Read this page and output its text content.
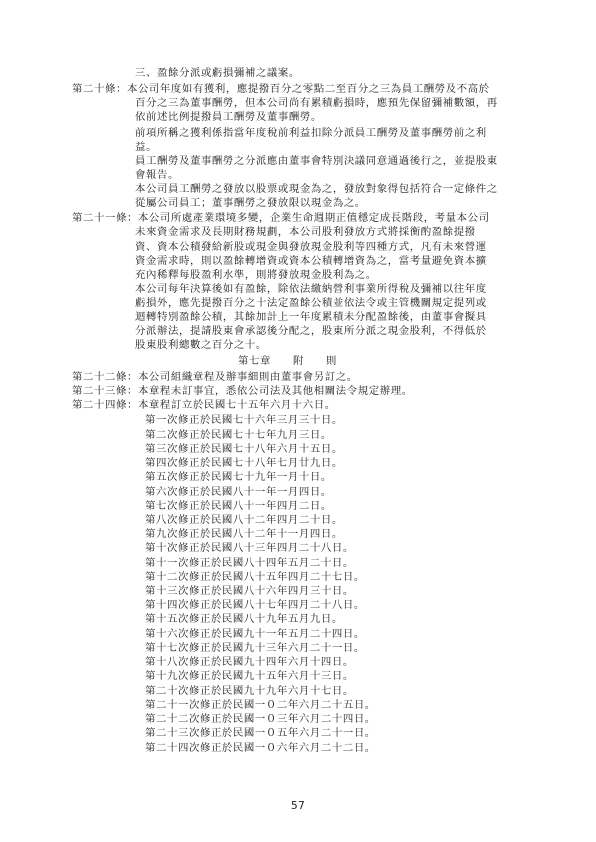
三、盈餘分派或虧損彌補之議案。
第二十條：本公司年度如有獲利，應提撥百分之零點二至百分之三為員工酬勞及不高於
百分之三為董事酬勞，但本公司尚有累積虧損時，應預先保留彌補數額，再
依前述比例提撥員工酬勞及董事酬勞。
前項所稱之獲利係指當年度稅前利益扣除分派員工酬勞及董事酬勞前之利
益。
員工酬勞及董事酬勞之分派應由董事會特別決議同意通過後行之，並提股東
會報告。
本公司員工酬勞之發放以股票或現金為之，發放對象得包括符合一定條件之
從屬公司員工；董事酬勞之發放限以現金為之。
第二十一條：本公司所處產業環境多變，企業生命週期正值穩定成長階段，考量本公司
未來資金需求及長期財務規劃，本公司股利發放方式將採衡酌盈餘提撥
資、資本公積發給新股或現金與發放現金股利等四種方式，凡有未來營運
資金需求時，則以盈餘轉增資或資本公積轉增資為之，當考量避免資本擴
充內稀釋每股盈利水準，則將發放現金股利為之。
本公司每年決算後如有盈餘，除依法繳納營利事業所得稅及彌補以往年度
虧損外，應先提撥百分之十法定盈餘公積並依法令或主管機關規定提列或
迴轉特別盈餘公積，其餘加計上一年度累積未分配盈餘後，由董事會擬具
分派辦法，提請股東會承認後分配之，股東所分派之現金股利，不得低於
股東股利總數之百分之十。
第七章　　附　　則
第二十二條：本公司組織章程及辦事細則由董事會另訂之。
第二十三條：本章程未訂事宜，悉依公司法及其他相關法令規定辦理。
第二十四條：本章程訂立於民國七十五年六月十六日。
第一次修正於民國七十六年三月三十日。
第二次修正於民國七十七年九月三日。
第三次修正於民國七十八年六月十五日。
第四次修正於民國七十八年七月廿九日。
第五次修正於民國七十九年一月十日。
第六次修正於民國八十一年一月四日。
第七次修正於民國八十一年四月二日。
第八次修正於民國八十二年四月二十日。
第九次修正於民國八十二年十一月四日。
第十次修正於民國八十三年四月二十八日。
第十一次修正於民國八十四年五月二十日。
第十二次修正於民國八十五年四月二十七日。
第十三次修正於民國八十六年四月三十日。
第十四次修正於民國八十七年四月二十八日。
第十五次修正於民國八十九年五月九日。
第十六次修正於民國九十一年五月二十四日。
第十七次修正於民國九十三年六月二十一日。
第十八次修正於民國九十四年六月十四日。
第十九次修正於民國九十五年六月十三日。
第二十次修正於民國九十九年六月十七日。
第二十一次修正於民國一０二年六月二十五日。
第二十二次修正於民國一０三年六月二十四日。
第二十三次修正於民國一０五年六月二十一日。
第二十四次修正於民國一０六年六月二十二日。
57
